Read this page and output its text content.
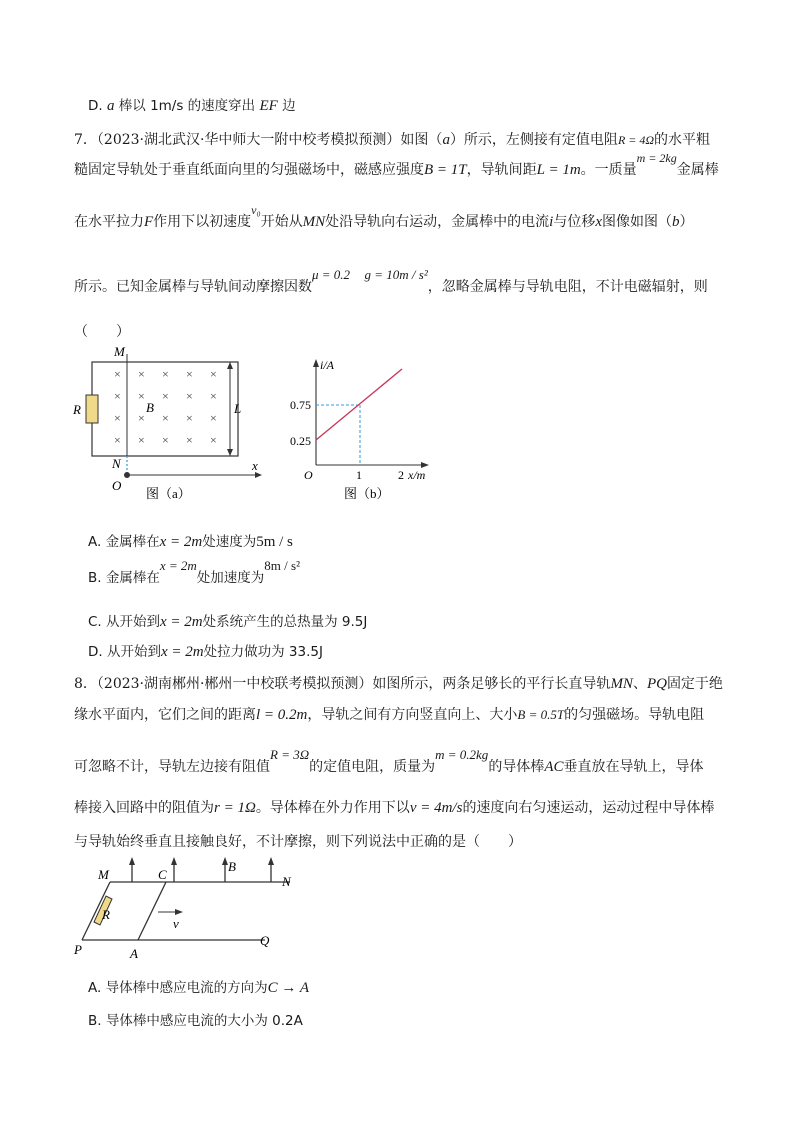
D. a 棒以 1m/s 的速度穿出 EF 边
7．（2023·湖北武汉·华中师大一附中校考模拟预测）如图（a）所示，左侧接有定值电阻R = 4Ω的水平粗
糙固定导轨处于垂直纸面向里的匀强磁场中，磁感应强度B = 1T，导轨间距L = 1m。一质量m = 2kg金属棒
在水平拉力F作用下以初速度v₀开始从MN处沿导轨向右运动，金属棒中的电流i与位移x图像如图（b）
所示。已知金属棒与导轨间动摩擦因数μ = 0.2 g = 10m / s²，忽略金属棒与导轨电阻，不计电磁辐射，则
（　　）
× × × × ×
× × × × ×
× × × × ×
× × × × ×
M
N
O
R	B	L
x
图（a）
i/A
0.75
0.25
O	1	2 x/m
图（b）
A. 金属棒在x = 2m处速度为5m / s
B. 金属棒在x = 2m处加速度为8m / s²
C. 从开始到x = 2m处系统产生的总热量为 9.5J
D. 从开始到x = 2m处拉力做功为 33.5J
8．（2023·湖南郴州·郴州一中校联考模拟预测）如图所示，两条足够长的平行长直导轨MN、PQ固定于绝
缘水平面内，它们之间的距离l = 0.2m，导轨之间有方向竖直向上、大小B = 0.5T的匀强磁场。导轨电阻
可忽略不计，导轨左边接有阻值R = 3Ω的定值电阻，质量为m = 0.2kg的导体棒AC垂直放在导轨上，导体
棒接入回路中的阻值为r = 1Ω。导体棒在外力作用下以v = 4m/s的速度向右匀速运动，运动过程中导体棒
与导轨始终垂直且接触良好，不计摩擦，则下列说法中正确的是（　　）
M	C
B
N
R
v
P	A
Q
A. 导体棒中感应电流的方向为C → A
B. 导体棒中感应电流的大小为 0.2A
